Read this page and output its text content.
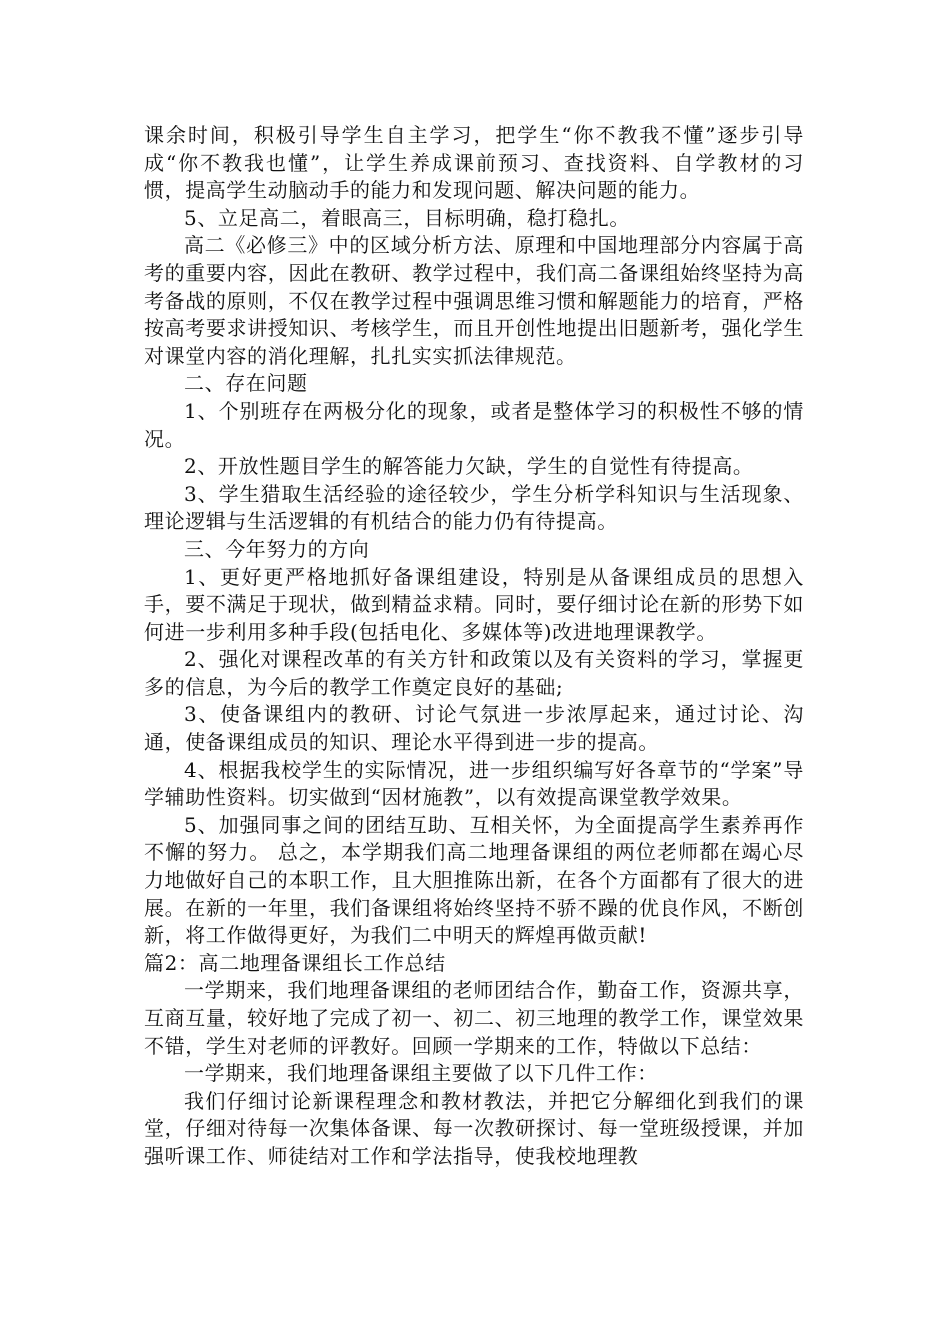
课余时间，积极引导学生自主学习，把学生“你不教我不懂”逐步引导成“你不教我也懂”，让学生养成课前预习、查找资料、自学教材的习惯，提高学生动脑动手的能力和发现问题、解决问题的能力。

5、立足高二，着眼高三，目标明确，稳打稳扎。

高二《必修三》中的区域分析方法、原理和中国地理部分内容属于高考的重要内容，因此在教研、教学过程中，我们高二备课组始终坚持为高考备战的原则，不仅在教学过程中强调思维习惯和解题能力的培育，严格按高考要求讲授知识、考核学生，而且开创性地提出旧题新考，强化学生对课堂内容的消化理解，扎扎实实抓法律规范。

二、存在问题

1、个别班存在两极分化的现象，或者是整体学习的积极性不够的情况。

2、开放性题目学生的解答能力欠缺，学生的自觉性有待提高。

3、学生猎取生活经验的途径较少，学生分析学科知识与生活现象、理论逻辑与生活逻辑的有机结合的能力仍有待提高。

三、今年努力的方向

1、更好更严格地抓好备课组建设，特别是从备课组成员的思想入手，要不满足于现状，做到精益求精。同时，要仔细讨论在新的形势下如何进一步利用多种手段(包括电化、多媒体等)改进地理课教学。

2、强化对课程改革的有关方针和政策以及有关资料的学习，掌握更多的信息，为今后的教学工作奠定良好的基础;

3、使备课组内的教研、讨论气氛进一步浓厚起来，通过讨论、沟通，使备课组成员的知识、理论水平得到进一步的提高。

4、根据我校学生的实际情况，进一步组织编写好各章节的“学案”导学辅助性资料。切实做到“因材施教”，以有效提高课堂教学效果。

5、加强同事之间的团结互助、互相关怀，为全面提高学生素养再作不懈的努力。 总之，本学期我们高二地理备课组的两位老师都在竭心尽力地做好自己的本职工作，且大胆推陈出新，在各个方面都有了很大的进展。在新的一年里，我们备课组将始终坚持不骄不躁的优良作风，不断创新，将工作做得更好，为我们二中明天的辉煌再做贡献!

篇2：高二地理备课组长工作总结

一学期来，我们地理备课组的老师团结合作，勤奋工作，资源共享，互商互量，较好地了完成了初一、初二、初三地理的教学工作，课堂效果不错，学生对老师的评教好。回顾一学期来的工作，特做以下总结：

一学期来，我们地理备课组主要做了以下几件工作：

我们仔细讨论新课程理念和教材教法，并把它分解细化到我们的课堂，仔细对待每一次集体备课、每一次教研探讨、每一堂班级授课，并加强听课工作、师徒结对工作和学法指导，使我校地理教
